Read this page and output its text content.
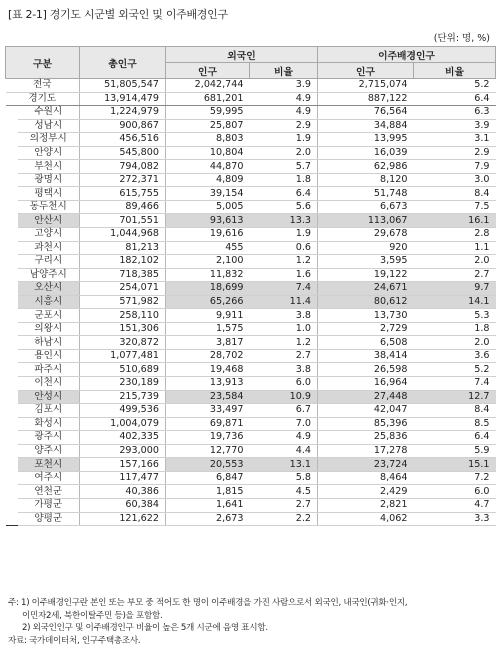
[표 2-1] 경기도 시군별 외국인 및 이주배경인구
(단위: 명, %)
구분		총인구	외국인		이주배경인구	
			인구	비율	인구	비율
전국		51,805,547	2,042,744	3.9	2,715,074	5.2
경기도		13,914,479	681,201	4.9	887,122	6.4
	수원시	1,224,979	59,995	4.9	76,564	6.3
	성남시	900,867	25,807	2.9	34,884	3.9
	의정부시	456,516	8,803	1.9	13,995	3.1
	안양시	545,800	10,804	2.0	16,039	2.9
	부천시	794,082	44,870	5.7	62,986	7.9
	광명시	272,371	4,809	1.8	8,120	3.0
	평택시	615,755	39,154	6.4	51,748	8.4
	동두천시	89,466	5,005	5.6	6,673	7.5
	안산시	701,551	93,613	13.3	113,067	16.1
	고양시	1,044,968	19,616	1.9	29,678	2.8
	과천시	81,213	455	0.6	920	1.1
	구리시	182,102	2,100	1.2	3,595	2.0
	남양주시	718,385	11,832	1.6	19,122	2.7
	오산시	254,071	18,699	7.4	24,671	9.7
	시흥시	571,982	65,266	11.4	80,612	14.1
	군포시	258,110	9,911	3.8	13,730	5.3
	의왕시	151,306	1,575	1.0	2,729	1.8
	하남시	320,872	3,817	1.2	6,508	2.0
	용인시	1,077,481	28,702	2.7	38,414	3.6
	파주시	510,689	19,468	3.8	26,598	5.2
	이천시	230,189	13,913	6.0	16,964	7.4
	안성시	215,739	23,584	10.9	27,448	12.7
	김포시	499,536	33,497	6.7	42,047	8.4
	화성시	1,004,079	69,871	7.0	85,396	8.5
	광주시	402,335	19,736	4.9	25,836	6.4
	양주시	293,000	12,770	4.4	17,278	5.9
	포천시	157,166	20,553	13.1	23,724	15.1
	여주시	117,477	6,847	5.8	8,464	7.2
	연천군	40,386	1,815	4.5	2,429	6.0
	가평군	60,384	1,641	2.7	2,821	4.7
	양평군	121,622	2,673	2.2	4,062	3.3
주: 1) 이주배경인구란 본인 또는 부모 중 적어도 한 명이 이주배경을 가진 사람으로서 외국인, 내국인(귀화·인지,
이민자2세, 북한이탈주민 등)을 포함함.
2) 외국인인구 및 이주배경인구 비율이 높은 5개 시군에 음영 표시함.
자료: 국가데이터처, 인구주택총조사.
